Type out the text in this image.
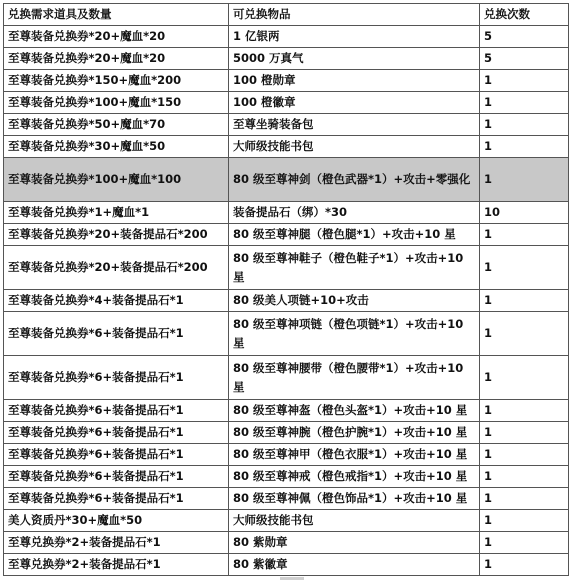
兑换需求道具及数量	可兑换物品	兑换次数
至尊装备兑换券*20+魔血*20	1 亿银两	5
至尊装备兑换券*20+魔血*20	5000 万真气	5
至尊装备兑换券*150+魔血*200	100 橙勋章	1
至尊装备兑换券*100+魔血*150	100 橙徽章	1
至尊装备兑换券*50+魔血*70	至尊坐骑装备包	1
至尊装备兑换券*30+魔血*50	大师级技能书包	1
至尊装备兑换券*100+魔血*100	80 级至尊神剑（橙色武器*1）+攻击+零强化	1
至尊装备兑换券*1+魔血*1	装备提品石（绑）*30	10
至尊装备兑换券*20+装备提品石*200	80 级至尊神腿（橙色腿*1）+攻击+10 星	1
至尊装备兑换券*20+装备提品石*200	80 级至尊神鞋子（橙色鞋子*1）+攻击+10 星	1
至尊装备兑换券*4+装备提品石*1	80 级美人项链+10+攻击	1
至尊装备兑换券*6+装备提品石*1	80 级至尊神项链（橙色项链*1）+攻击+10 星	1
至尊装备兑换券*6+装备提品石*1	80 级至尊神腰带（橙色腰带*1）+攻击+10 星	1
至尊装备兑换券*6+装备提品石*1	80 级至尊神盔（橙色头盔*1）+攻击+10 星	1
至尊装备兑换券*6+装备提品石*1	80 级至尊神腕（橙色护腕*1）+攻击+10 星	1
至尊装备兑换券*6+装备提品石*1	80 级至尊神甲（橙色衣服*1）+攻击+10 星	1
至尊装备兑换券*6+装备提品石*1	80 级至尊神戒（橙色戒指*1）+攻击+10 星	1
至尊装备兑换券*6+装备提品石*1	80 级至尊神佩（橙色饰品*1）+攻击+10 星	1
美人资质丹*30+魔血*50	大师级技能书包	1
至尊兑换券*2+装备提品石*1	80 紫勋章	1
至尊兑换券*2+装备提品石*1	80 紫徽章	1
